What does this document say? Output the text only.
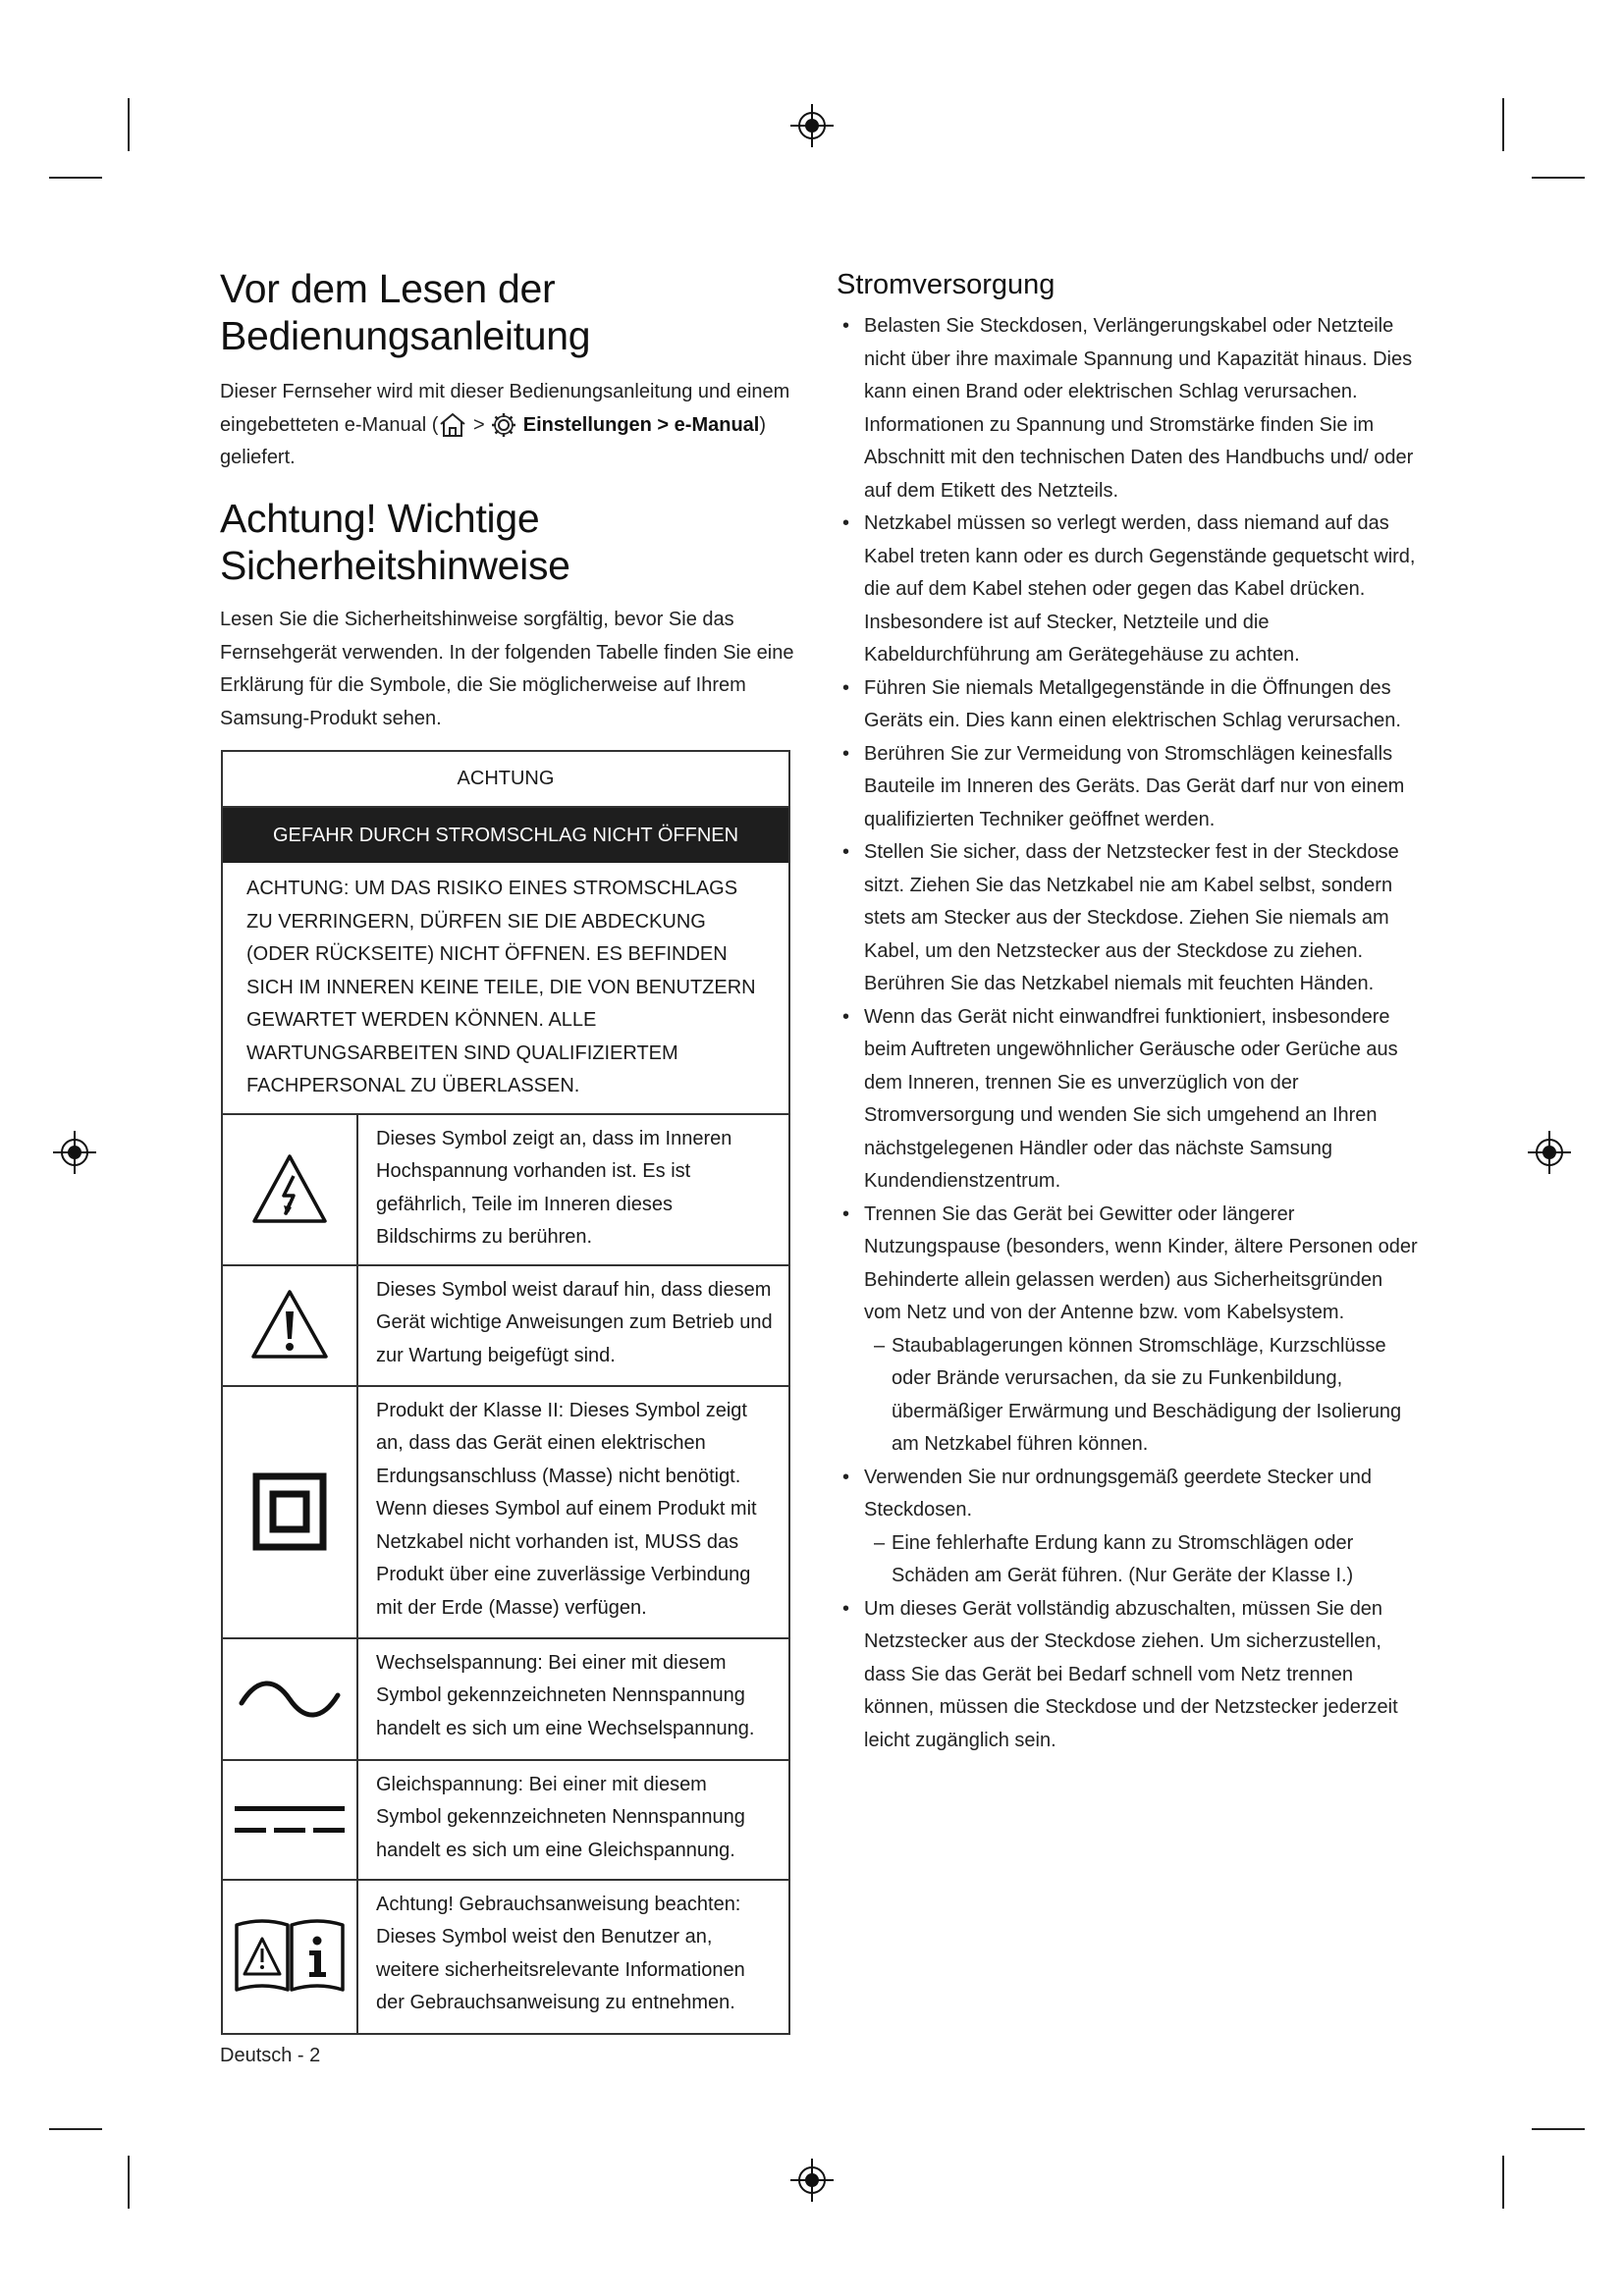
Vor dem Lesen der Bedienungsanleitung
Dieser Fernseher wird mit dieser Bedienungsanleitung und einem eingebetteten e-Manual ( > Einstellungen > e-Manual) geliefert.
Achtung! Wichtige Sicherheitshinweise
Lesen Sie die Sicherheitshinweise sorgfältig, bevor Sie das Fernsehgerät verwenden. In der folgenden Tabelle finden Sie eine Erklärung für die Symbole, die Sie möglicherweise auf Ihrem Samsung-Produkt sehen.
ACHTUNG
GEFAHR DURCH STROMSCHLAG NICHT ÖFFNEN
ACHTUNG: UM DAS RISIKO EINES STROMSCHLAGS ZU VERRINGERN, DÜRFEN SIE DIE ABDECKUNG (ODER RÜCKSEITE) NICHT ÖFFNEN. ES BEFINDEN SICH IM INNEREN KEINE TEILE, DIE VON BENUTZERN GEWARTET WERDEN KÖNNEN. ALLE WARTUNGSARBEITEN SIND QUALIFIZIERTEM FACHPERSONAL ZU ÜBERLASSEN.
Dieses Symbol zeigt an, dass im Inneren Hochspannung vorhanden ist. Es ist gefährlich, Teile im Inneren dieses Bildschirms zu berühren.
Dieses Symbol weist darauf hin, dass diesem Gerät wichtige Anweisungen zum Betrieb und zur Wartung beigefügt sind.
Produkt der Klasse II: Dieses Symbol zeigt an, dass das Gerät einen elektrischen Erdungsanschluss (Masse) nicht benötigt. Wenn dieses Symbol auf einem Produkt mit Netzkabel nicht vorhanden ist, MUSS das Produkt über eine zuverlässige Verbindung mit der Erde (Masse) verfügen.
Wechselspannung: Bei einer mit diesem Symbol gekennzeichneten Nennspannung handelt es sich um eine Wechselspannung.
Gleichspannung: Bei einer mit diesem Symbol gekennzeichneten Nennspannung handelt es sich um eine Gleichspannung.
Achtung! Gebrauchsanweisung beachten: Dieses Symbol weist den Benutzer an, weitere sicherheitsrelevante Informationen der Gebrauchsanweisung zu entnehmen.
Deutsch - 2
Stromversorgung
• Belasten Sie Steckdosen, Verlängerungskabel oder Netzteile nicht über ihre maximale Spannung und Kapazität hinaus. Dies kann einen Brand oder elektrischen Schlag verursachen. Informationen zu Spannung und Stromstärke finden Sie im Abschnitt mit den technischen Daten des Handbuchs und/ oder auf dem Etikett des Netzteils.
• Netzkabel müssen so verlegt werden, dass niemand auf das Kabel treten kann oder es durch Gegenstände gequetscht wird, die auf dem Kabel stehen oder gegen das Kabel drücken. Insbesondere ist auf Stecker, Netzteile und die Kabeldurchführung am Gerätegehäuse zu achten.
• Führen Sie niemals Metallgegenstände in die Öffnungen des Geräts ein. Dies kann einen elektrischen Schlag verursachen.
• Berühren Sie zur Vermeidung von Stromschlägen keinesfalls Bauteile im Inneren des Geräts. Das Gerät darf nur von einem qualifizierten Techniker geöffnet werden.
• Stellen Sie sicher, dass der Netzstecker fest in der Steckdose sitzt. Ziehen Sie das Netzkabel nie am Kabel selbst, sondern stets am Stecker aus der Steckdose. Ziehen Sie niemals am Kabel, um den Netzstecker aus der Steckdose zu ziehen. Berühren Sie das Netzkabel niemals mit feuchten Händen.
• Wenn das Gerät nicht einwandfrei funktioniert, insbesondere beim Auftreten ungewöhnlicher Geräusche oder Gerüche aus dem Inneren, trennen Sie es unverzüglich von der Stromversorgung und wenden Sie sich umgehend an Ihren nächstgelegenen Händler oder das nächste Samsung Kundendienstzentrum.
• Trennen Sie das Gerät bei Gewitter oder längerer Nutzungspause (besonders, wenn Kinder, ältere Personen oder Behinderte allein gelassen werden) aus Sicherheitsgründen vom Netz und von der Antenne bzw. vom Kabelsystem.
– Staubablagerungen können Stromschläge, Kurzschlüsse oder Brände verursachen, da sie zu Funkenbildung, übermäßiger Erwärmung und Beschädigung der Isolierung am Netzkabel führen können.
• Verwenden Sie nur ordnungsgemäß geerdete Stecker und Steckdosen.
– Eine fehlerhafte Erdung kann zu Stromschlägen oder Schäden am Gerät führen. (Nur Geräte der Klasse I.)
• Um dieses Gerät vollständig abzuschalten, müssen Sie den Netzstecker aus der Steckdose ziehen. Um sicherzustellen, dass Sie das Gerät bei Bedarf schnell vom Netz trennen können, müssen die Steckdose und der Netzstecker jederzeit leicht zugänglich sein.
